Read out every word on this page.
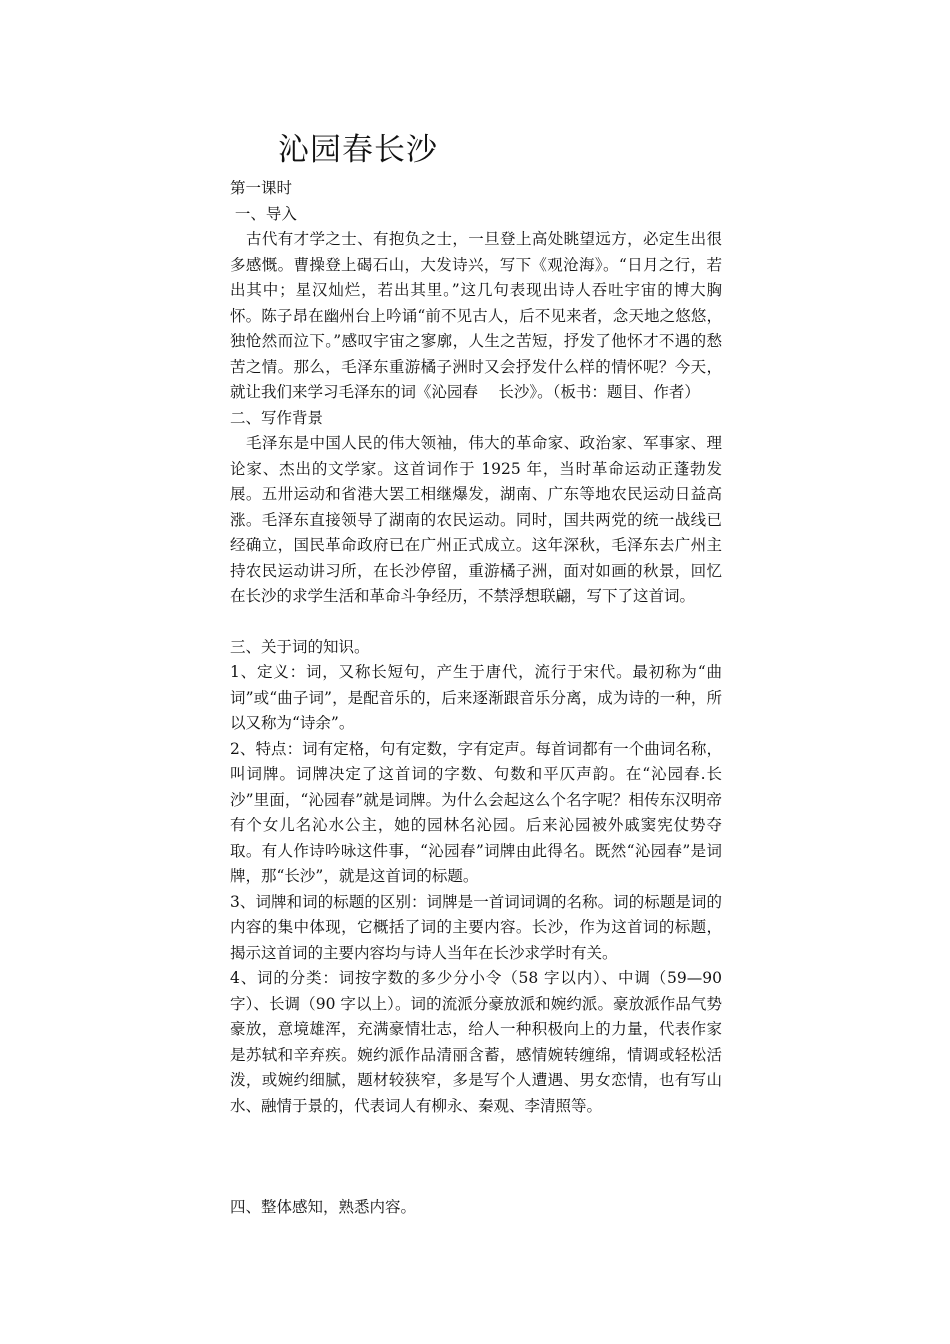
沁园春长沙

第一课时

一、导入

古代有才学之士、有抱负之士，一旦登上高处眺望远方，必定生出很多感慨。曹操登上碣石山，大发诗兴，写下《观沧海》。“日月之行，若出其中；星汉灿烂，若出其里。”这几句表现出诗人吞吐宇宙的博大胸怀。陈子昂在幽州台上吟诵“前不见古人，后不见来者，念天地之悠悠，独怆然而泣下。”感叹宇宙之寥廓，人生之苦短，抒发了他怀才不遇的愁苦之情。那么，毛泽东重游橘子洲时又会抒发什么样的情怀呢？今天，就让我们来学习毛泽东的词《沁园春　 长沙》。（板书：题目、作者）

二、写作背景

毛泽东是中国人民的伟大领袖，伟大的革命家、政治家、军事家、理论家、杰出的文学家。这首词作于 1925 年，当时革命运动正蓬勃发展。五卅运动和省港大罢工相继爆发，湖南、广东等地农民运动日益高涨。毛泽东直接领导了湖南的农民运动。同时，国共两党的统一战线已经确立，国民革命政府已在广州正式成立。这年深秋，毛泽东去广州主持农民运动讲习所，在长沙停留，重游橘子洲，面对如画的秋景，回忆在长沙的求学生活和革命斗争经历，不禁浮想联翩，写下了这首词。

三、关于词的知识。

1、定义：词，又称长短句，产生于唐代，流行于宋代。最初称为“曲词”或“曲子词”，是配音乐的，后来逐渐跟音乐分离，成为诗的一种，所以又称为“诗余”。

2、特点：词有定格，句有定数，字有定声。每首词都有一个曲词名称，叫词牌。词牌决定了这首词的字数、句数和平仄声韵。在“沁园春.长沙”里面，“沁园春”就是词牌。为什么会起这么个名字呢？相传东汉明帝有个女儿名沁水公主，她的园林名沁园。后来沁园被外戚窦宪仗势夺取。有人作诗吟咏这件事，“沁园春”词牌由此得名。既然“沁园春”是词牌，那“长沙”，就是这首词的标题。

3、词牌和词的标题的区别：词牌是一首词词调的名称。词的标题是词的内容的集中体现，它概括了词的主要内容。长沙，作为这首词的标题，揭示这首词的主要内容均与诗人当年在长沙求学时有关。

4、词的分类：词按字数的多少分小令（58 字以内）、中调（59—90 字）、长调（90 字以上）。词的流派分豪放派和婉约派。豪放派作品气势豪放，意境雄浑，充满豪情壮志，给人一种积极向上的力量，代表作家是苏轼和辛弃疾。婉约派作品清丽含蓄，感情婉转缠绵，情调或轻松活泼，或婉约细腻，题材较狭窄，多是写个人遭遇、男女恋情，也有写山水、融情于景的，代表词人有柳永、秦观、李清照等。

四、整体感知，熟悉内容。
